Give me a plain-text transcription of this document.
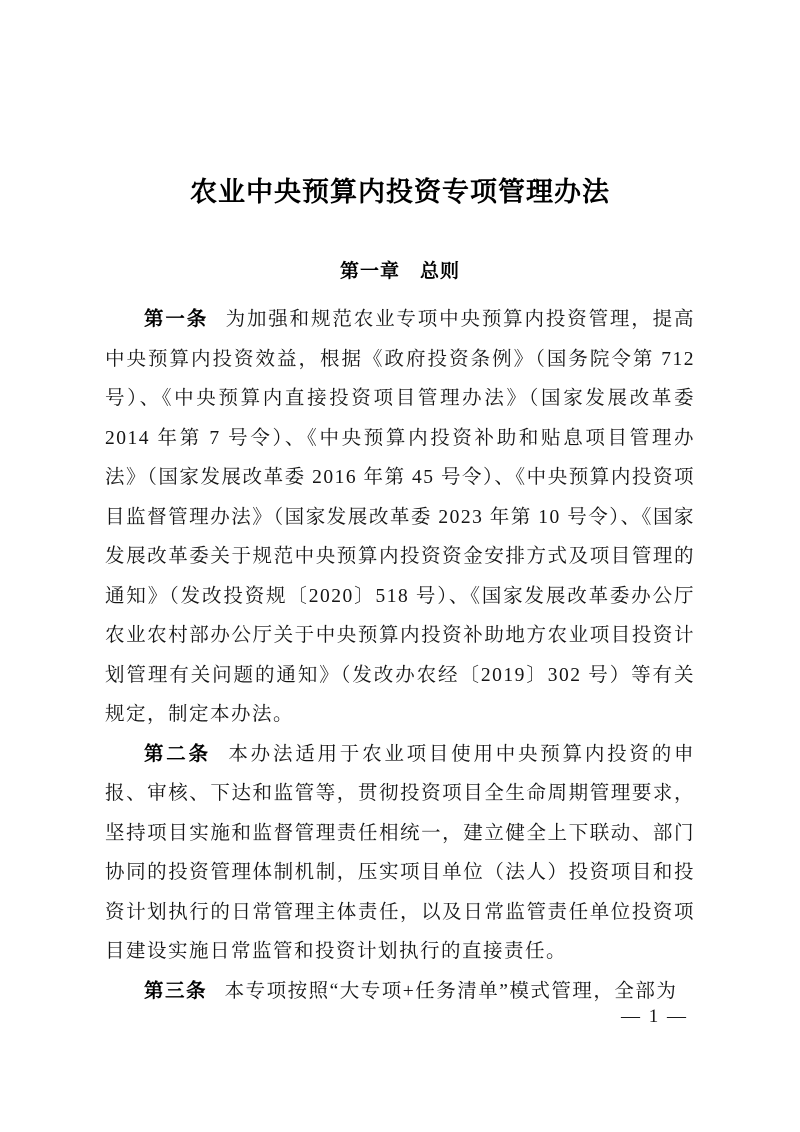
农业中央预算内投资专项管理办法
第一章　总则

第一条 为加强和规范农业专项中央预算内投资管理，提高中央预算内投资效益，根据《政府投资条例》（国务院令第 712 号）、《中央预算内直接投资项目管理办法》（国家发展改革委 2014 年第 7 号令）、《中央预算内投资补助和贴息项目管理办法》（国家发展改革委 2016 年第 45 号令）、《中央预算内投资项目监督管理办法》（国家发展改革委 2023 年第 10 号令）、《国家发展改革委关于规范中央预算内投资资金安排方式及项目管理的通知》（发改投资规〔2020〕518 号）、《国家发展改革委办公厅　农业农村部办公厅关于中央预算内投资补助地方农业项目投资计划管理有关问题的通知》（发改办农经〔2019〕302 号）等有关规定，制定本办法。

第二条 本办法适用于农业项目使用中央预算内投资的申报、审核、下达和监管等，贯彻投资项目全生命周期管理要求，坚持项目实施和监督管理责任相统一，建立健全上下联动、部门协同的投资管理体制机制，压实项目单位（法人）投资项目和投资计划执行的日常管理主体责任，以及日常监管责任单位投资项目建设实施日常监管和投资计划执行的直接责任。

第三条 本专项按照“大专项+任务清单”模式管理，全部为

— 1 —
